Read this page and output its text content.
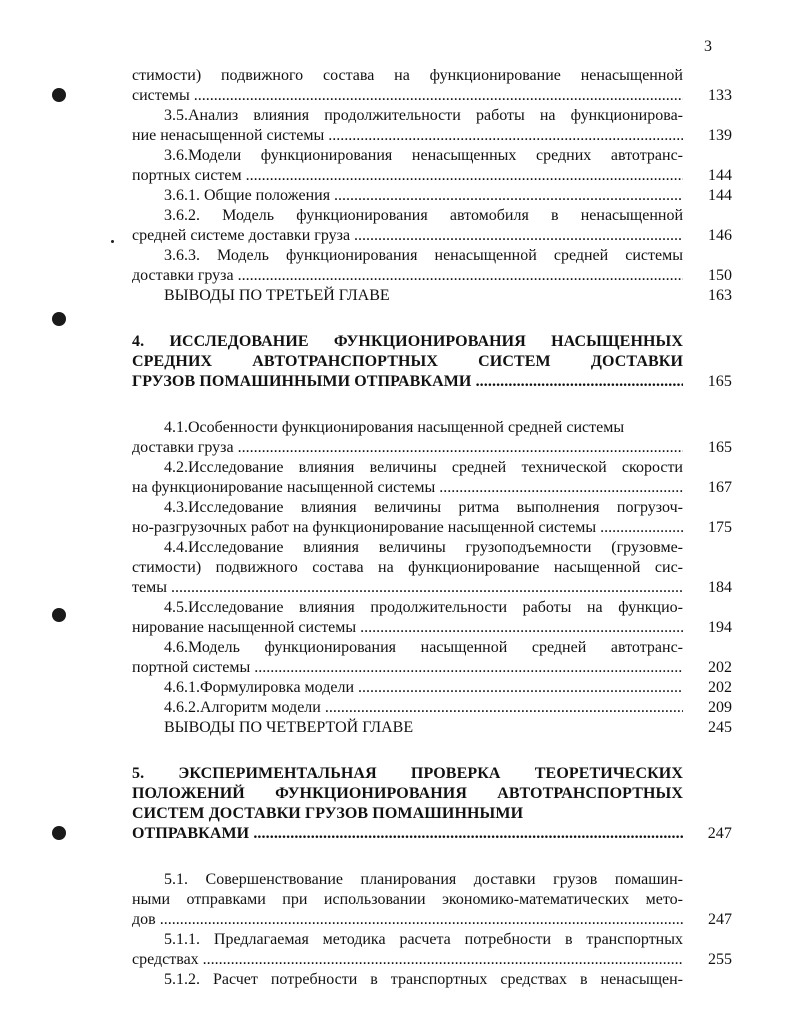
3
стимости) подвижного состава на функционирование ненасыщенной
системы .....	133
3.5.Анализ влияния продолжительности работы на функционирова-
ние ненасыщенной системы .....	139
3.6.Модели функционирования ненасыщенных средних автотранс-
портных систем .....	144
3.6.1. Общие положения .....	144
3.6.2. Модель функционирования автомобиля в ненасыщенной
средней системе доставки груза .....	146
3.6.3. Модель функционирования ненасыщенной средней системы
доставки груза .....	150
ВЫВОДЫ ПО ТРЕТЬЕЙ ГЛАВЕ	163
4. ИССЛЕДОВАНИЕ ФУНКЦИОНИРОВАНИЯ НАСЫЩЕННЫХ
СРЕДНИХ АВТОТРАНСПОРТНЫХ СИСТЕМ ДОСТАВКИ
ГРУЗОВ ПОМАШИННЫМИ ОТПРАВКАМИ .....	165
4.1.Особенности функционирования насыщенной средней системы
доставки груза .....	165
4.2.Исследование влияния величины средней технической скорости
на функционирование насыщенной системы .....	167
4.3.Исследование влияния величины ритма выполнения погрузоч-
но-разгрузочных работ на функционирование насыщенной системы .....	175
4.4.Исследование влияния величины грузоподъемности (грузовме-
стимости) подвижного состава на функционирование насыщенной сис-
темы .....	184
4.5.Исследование влияния продолжительности работы на функцио-
нирование насыщенной системы .....	194
4.6.Модель функционирования насыщенной средней автотранс-
портной системы .....	202
4.6.1.Формулировка модели .....	202
4.6.2.Алгоритм модели .....	209
ВЫВОДЫ ПО ЧЕТВЕРТОЙ ГЛАВЕ	245
5. ЭКСПЕРИМЕНТАЛЬНАЯ ПРОВЕРКА ТЕОРЕТИЧЕСКИХ
ПОЛОЖЕНИЙ ФУНКЦИОНИРОВАНИЯ АВТОТРАНСПОРТНЫХ
СИСТЕМ ДОСТАВКИ ГРУЗОВ ПОМАШИННЫМИ
ОТПРАВКАМИ .....	247
5.1. Совершенствование планирования доставки грузов помашин-
ными отправками при использовании экономико-математических мето-
дов .....	247
5.1.1. Предлагаемая методика расчета потребности в транспортных
средствах .....	255
5.1.2. Расчет потребности в транспортных средствах в ненасыщен-
